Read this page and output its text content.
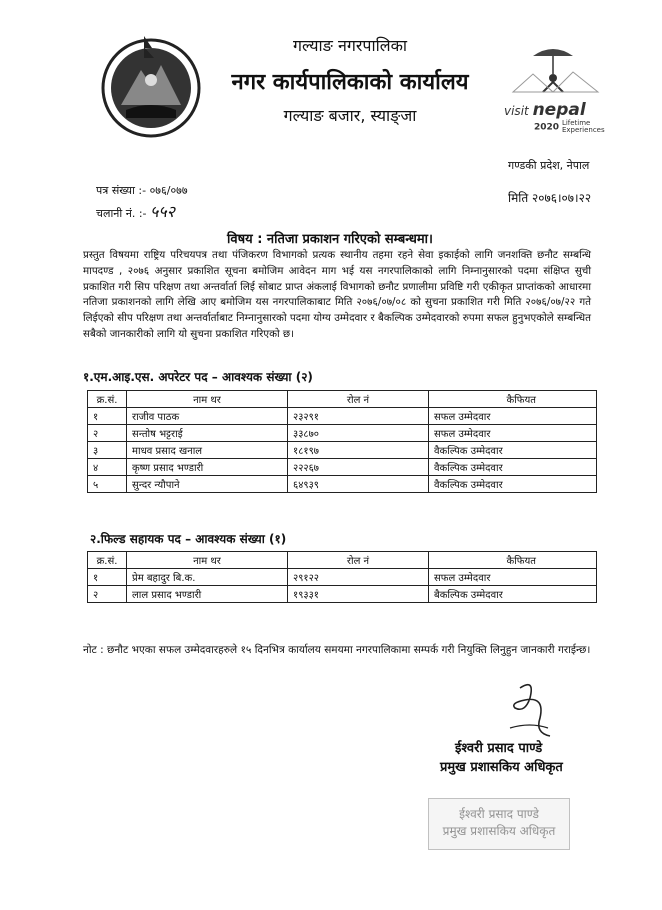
गल्याङ नगरपालिका
नगर कार्यपालिकाको कार्यालय
गल्याङ बजार, स्याङ्जा	visit nepal
2020 Lifetime
Experiences
गण्डकी प्रदेश, नेपाल
पत्र संख्या :- ०७६/०७७
चलानी नं. :- ५५२
मिति २०७६।०७।२२
विषय : नतिजा प्रकाशन गरिएको सम्बन्धमा।
प्रस्तुत विषयमा राष्ट्रिय परिचयपत्र तथा पंजिकरण विभागको प्रत्यक स्थानीय तहमा रहने सेवा इकाईको लागि जनशक्ति छनौट सम्बन्धि मापदण्ड , २०७६ अनुसार प्रकाशित सूचना बमोजिम आवेदन माग भई यस नगरपालिकाको लागि निम्नानुसारको पदमा संक्षिप्त सुची प्रकाशित गरी सिप परिक्षण तथा अन्तर्वार्ता लिई सोबाट प्राप्त अंकलाई विभागको छनौट प्रणालीमा प्रविष्टि गरी एकीकृत प्राप्तांकको आधारमा नतिजा प्रकाशनको लागि लेखि आए बमोजिम यस नगरपालिकाबाट मिति २०७६/०७/०८ को सुचना प्रकाशित गरी मिति २०७६/०७/२२ गते लिईएको सीप परिक्षण तथा अन्तर्वार्ताबाट निम्नानुसारको पदमा योग्य उम्मेदवार र बैकल्पिक उम्मेदवारको रुपमा सफल हुनुभएकोले सम्बन्धित सबैको जानकारीको लागि यो सुचना प्रकाशित गरिएको छ।
१.एम.आइ.एस. अपरेटर पद – आवश्यक संख्या (२)
क्र.सं.	नाम थर	रोल नं	कैफियत
१	राजीव पाठक	२३२९१	सफल उम्मेदवार
२	सन्तोष भट्टराई	३३८७०	सफल उम्मेदवार
३	माधव प्रसाद खनाल	१८१९७	वैकल्पिक उम्मेदवार
४	कृष्ण प्रसाद भण्डारी	२२२६७	वैकल्पिक उम्मेदवार
५	सुन्दर न्यौपाने	६४९३९	वैकल्पिक उम्मेदवार
२.फिल्ड सहायक पद – आवश्यक संख्या (१)
क्र.सं.	नाम थर	रोल नं	कैफियत
१	प्रेम बहादुर बि.क.	२९१२२	सफल उम्मेदवार
२	लाल प्रसाद भण्डारी	१९३३१	बैकल्पिक उम्मेदवार
नोट : छनौट भएका सफल उम्मेदवारहरुले १५ दिनभित्र कार्यालय समयमा नगरपालिकामा सम्पर्क गरी नियुक्ति लिनुहुन जानकारी गराईन्छ।
ईश्वरी प्रसाद पाण्डे
प्रमुख प्रशासकिय अधिकृत
ईश्वरी प्रसाद पाण्डे
प्रमुख प्रशासकिय अधिकृत
